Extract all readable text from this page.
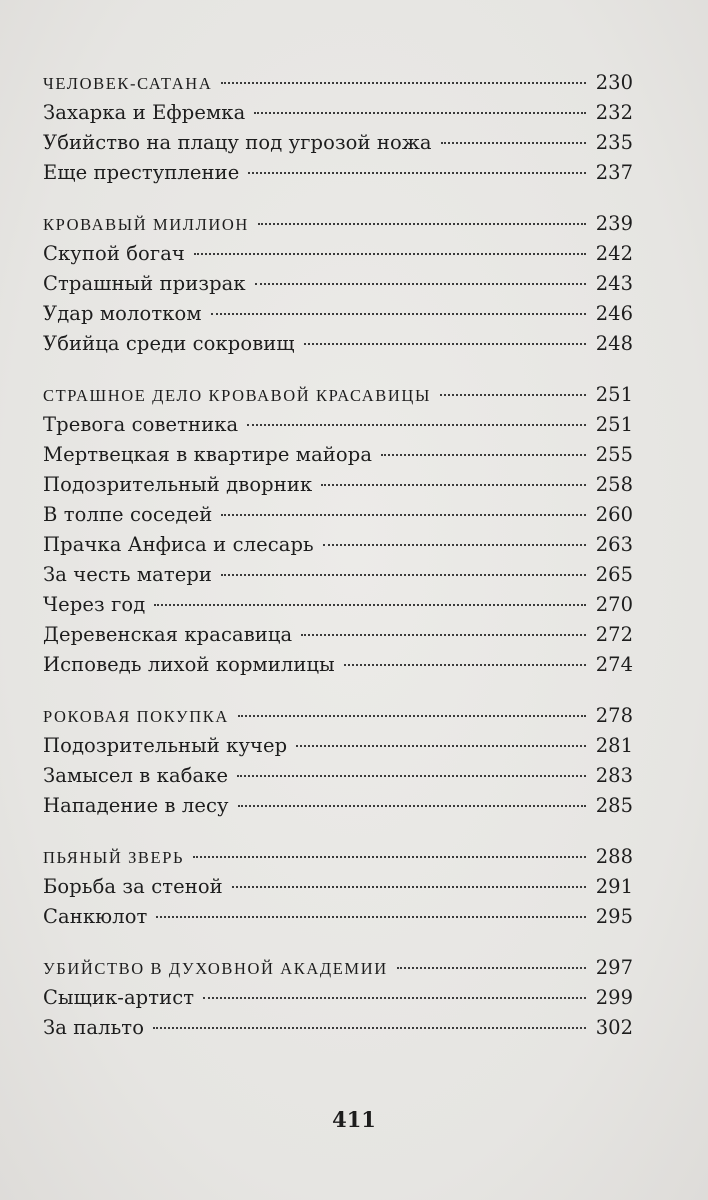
ЧЕЛОВЕК-САТАНА	230
Захарка и Ефремка	232
Убийство на плацу под угрозой ножа	235
Еще преступление	237
КРОВАВЫЙ МИЛЛИОН	239
Скупой богач	242
Страшный призрак	243
Удар молотком	246
Убийца среди сокровищ	248
СТРАШНОЕ ДЕЛО КРОВАВОЙ КРАСАВИЦЫ	251
Тревога советника	251
Мертвецкая в квартире майора	255
Подозрительный дворник	258
В толпе соседей	260
Прачка Анфиса и слесарь	263
За честь матери	265
Через год	270
Деревенская красавица	272
Исповедь лихой кормилицы	274
РОКОВАЯ ПОКУПКА	278
Подозрительный кучер	281
Замысел в кабаке	283
Нападение в лесу	285
ПЬЯНЫЙ ЗВЕРЬ	288
Борьба за стеной	291
Санкюлот	295
УБИЙСТВО В ДУХОВНОЙ АКАДЕМИИ	297
Сыщик-артист	299
За пальто	302
411
